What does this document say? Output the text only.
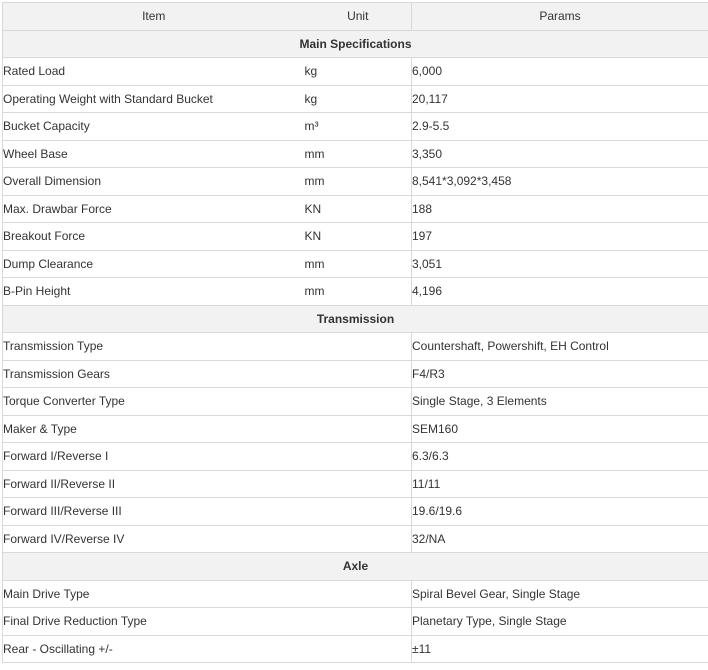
Item	Unit	Params
Main Specifications		
Rated Load	kg	6,000
Operating Weight with Standard Bucket	kg	20,117
Bucket Capacity	m³	2.9-5.5
Wheel Base	mm	3,350
Overall Dimension	mm	8,541*3,092*3,458
Max. Drawbar Force	KN	188
Breakout Force	KN	197
Dump Clearance	mm	3,051
B-Pin Height	mm	4,196
Transmission		
Transmission Type		Countershaft, Powershift, EH Control
Transmission Gears		F4/R3
Torque Converter Type		Single Stage, 3 Elements
Maker & Type		SEM160
Forward I/Reverse I		6.3/6.3
Forward II/Reverse II		11/11
Forward III/Reverse III		19.6/19.6
Forward IV/Reverse IV		32/NA
Axle		
Main Drive Type		Spiral Bevel Gear, Single Stage
Final Drive Reduction Type		Planetary Type, Single Stage
Rear - Oscillating +/-		±11
